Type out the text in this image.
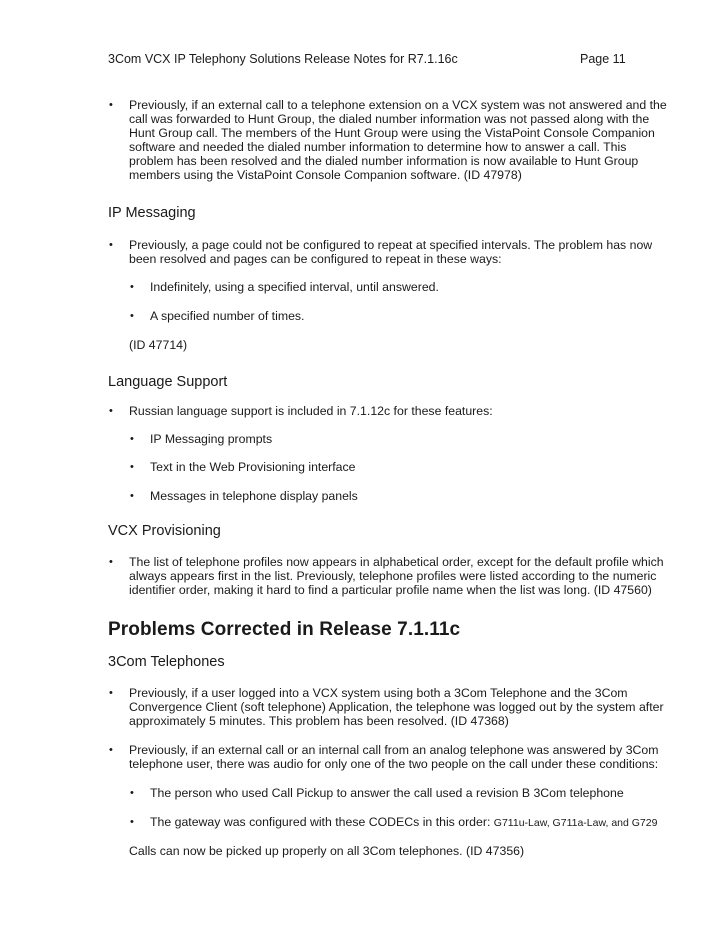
3Com VCX IP Telephony Solutions Release Notes for R7.1.16c	Page 11
• Previously, if an external call to a telephone extension on a VCX system was not answered and the
call was forwarded to Hunt Group, the dialed number information was not passed along with the
Hunt Group call. The members of the Hunt Group were using the VistaPoint Console Companion
software and needed the dialed number information to determine how to answer a call. This
problem has been resolved and the dialed number information is now available to Hunt Group
members using the VistaPoint Console Companion software. (ID 47978)
IP Messaging
• Previously, a page could not be configured to repeat at specified intervals. The problem has now
been resolved and pages can be configured to repeat in these ways:
• Indefinitely, using a specified interval, until answered.
• A specified number of times.
(ID 47714)
Language Support
• Russian language support is included in 7.1.12c for these features:
• IP Messaging prompts
• Text in the Web Provisioning interface
• Messages in telephone display panels
VCX Provisioning
• The list of telephone profiles now appears in alphabetical order, except for the default profile which
always appears first in the list. Previously, telephone profiles were listed according to the numeric
identifier order, making it hard to find a particular profile name when the list was long. (ID 47560)
Problems Corrected in Release 7.1.11c
3Com Telephones
• Previously, if a user logged into a VCX system using both a 3Com Telephone and the 3Com
Convergence Client (soft telephone) Application, the telephone was logged out by the system after
approximately 5 minutes. This problem has been resolved. (ID 47368)
• Previously, if an external call or an internal call from an analog telephone was answered by 3Com
telephone user, there was audio for only one of the two people on the call under these conditions:
• The person who used Call Pickup to answer the call used a revision B 3Com telephone
• The gateway was configured with these CODECs in this order: G711u-Law, G711a-Law, and G729
Calls can now be picked up properly on all 3Com telephones. (ID 47356)
